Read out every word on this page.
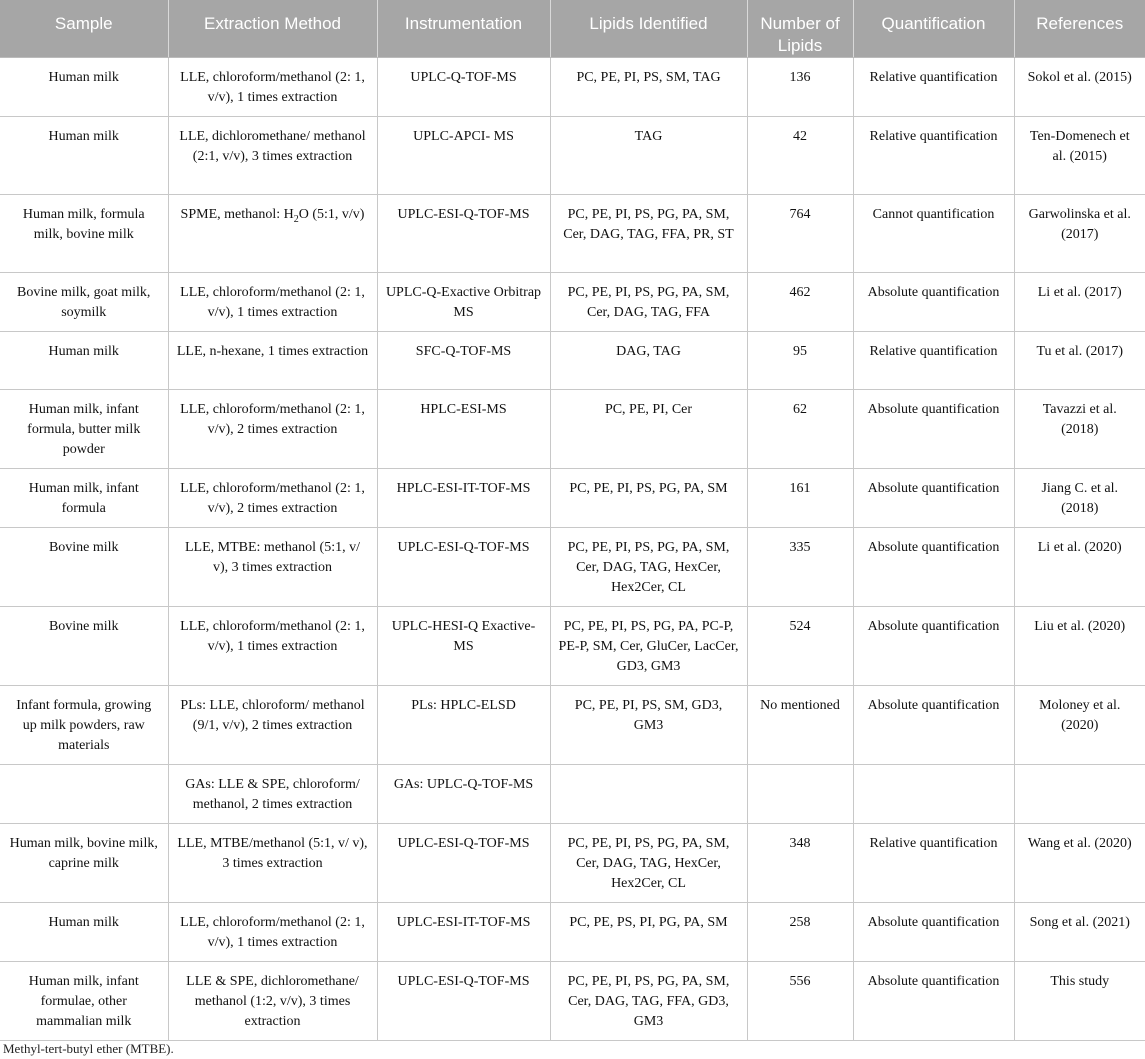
Sample	Extraction Method	Instrumentation	Lipids Identified	Number of Lipids	Quantification	References
Human milk	LLE, chloroform/methanol (2: 1, v/v), 1 times extraction	UPLC-Q-TOF-MS	PC, PE, PI, PS, SM, TAG	136	Relative quantification	Sokol et al. (2015)
Human milk	LLE, dichloromethane/ methanol (2:1, v/v), 3 times extraction	UPLC-APCI- MS	TAG	42	Relative quantification	Ten-Domenech et al. (2015)
Human milk, formula milk, bovine milk	SPME, methanol: $H_2O$ (5:1, v/v)	UPLC-ESI-Q-TOF-MS	PC, PE, PI, PS, PG, PA, SM, Cer, DAG, TAG, FFA, PR, ST	764	Cannot quantification	Garwolinska et al. (2017)
Bovine milk, goat milk, soymilk	LLE, chloroform/methanol (2: 1, v/v), 1 times extraction	UPLC-Q-Exactive Orbitrap MS	PC, PE, PI, PS, PG, PA, SM, Cer, DAG, TAG, FFA	462	Absolute quantification	Li et al. (2017)
Human milk	LLE, n-hexane, 1 times extraction	SFC-Q-TOF-MS	DAG, TAG	95	Relative quantification	Tu et al. (2017)
Human milk, infant formula, butter milk powder	LLE, chloroform/methanol (2: 1, v/v), 2 times extraction	HPLC-ESI-MS	PC, PE, PI, Cer	62	Absolute quantification	Tavazzi et al. (2018)
Human milk, infant formula	LLE, chloroform/methanol (2: 1, v/v), 2 times extraction	HPLC-ESI-IT-TOF-MS	PC, PE, PI, PS, PG, PA, SM	161	Absolute quantification	Jiang C. et al. (2018)
Bovine milk	LLE, MTBE: methanol (5:1, v/ v), 3 times extraction	UPLC-ESI-Q-TOF-MS	PC, PE, PI, PS, PG, PA, SM, Cer, DAG, TAG, HexCer, Hex2Cer, CL	335	Absolute quantification	Li et al. (2020)
Bovine milk	LLE, chloroform/methanol (2: 1, v/v), 1 times extraction	UPLC-HESI-Q Exactive-MS	PC, PE, PI, PS, PG, PA, PC-P, PE-P, SM, Cer, GluCer, LacCer, GD3, GM3	524	Absolute quantification	Liu et al. (2020)
Infant formula, growing up milk powders, raw materials	PLs: LLE, chloroform/ methanol (9/1, v/v), 2 times extraction	PLs: HPLC-ELSD	PC, PE, PI, PS, SM, GD3, GM3	No mentioned	Absolute quantification	Moloney et al. (2020)
	GAs: LLE & SPE, chloroform/ methanol, 2 times extraction	GAs: UPLC-Q-TOF-MS				
Human milk, bovine milk, caprine milk	LLE, MTBE/methanol (5:1, v/ v), 3 times extraction	UPLC-ESI-Q-TOF-MS	PC, PE, PI, PS, PG, PA, SM, Cer, DAG, TAG, HexCer, Hex2Cer, CL	348	Relative quantification	Wang et al. (2020)
Human milk	LLE, chloroform/methanol (2: 1, v/v), 1 times extraction	UPLC-ESI-IT-TOF-MS	PC, PE, PS, PI, PG, PA, SM	258	Absolute quantification	Song et al. (2021)
Human milk, infant formulae, other mammalian milk	LLE & SPE, dichloromethane/ methanol (1:2, v/v), 3 times extraction	UPLC-ESI-Q-TOF-MS	PC, PE, PI, PS, PG, PA, SM, Cer, DAG, TAG, FFA, GD3, GM3	556	Absolute quantification	This study
Methyl-tert-butyl ether (MTBE).
